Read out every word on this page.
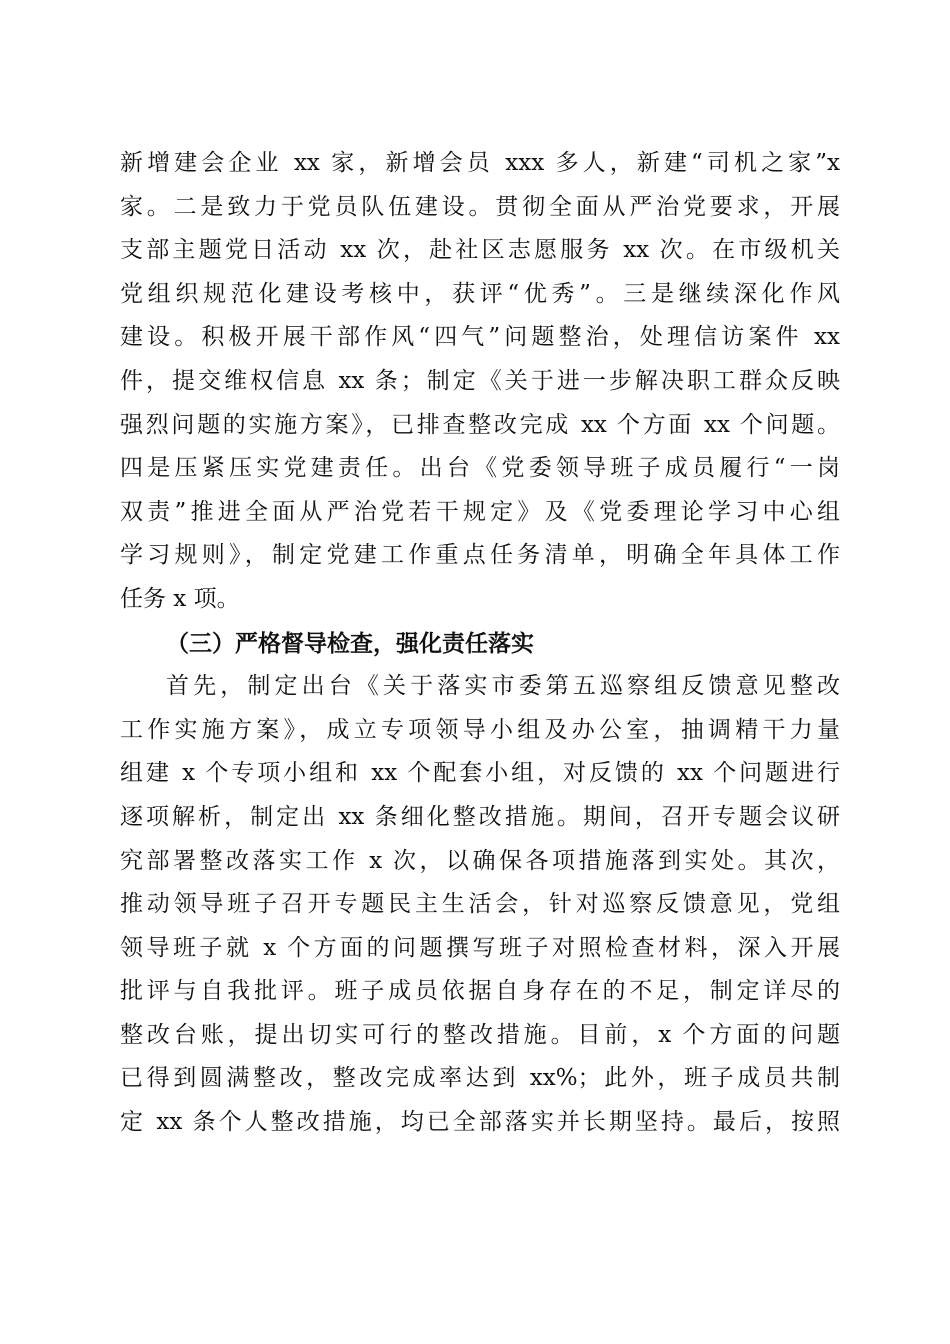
新增建会企业 xx 家，新增会员 xxx 多人，新建“司机之家”x
家。二是致力于党员队伍建设。贯彻全面从严治党要求，开展
支部主题党日活动 xx 次，赴社区志愿服务 xx 次。在市级机关
党组织规范化建设考核中，获评“优秀”。三是继续深化作风
建设。积极开展干部作风“四气”问题整治，处理信访案件 xx
件，提交维权信息 xx 条；制定《关于进一步解决职工群众反映
强烈问题的实施方案》，已排查整改完成 xx 个方面 xx 个问题。
四是压紧压实党建责任。出台《党委领导班子成员履行“一岗
双责”推进全面从严治党若干规定》及《党委理论学习中心组
学习规则》，制定党建工作重点任务清单，明确全年具体工作
任务 x 项。
（三）严格督导检查，强化责任落实
首先，制定出台《关于落实市委第五巡察组反馈意见整改
工作实施方案》，成立专项领导小组及办公室，抽调精干力量
组建 x 个专项小组和 xx 个配套小组，对反馈的 xx 个问题进行
逐项解析，制定出 xx 条细化整改措施。期间，召开专题会议研
究部署整改落实工作 x 次，以确保各项措施落到实处。其次，
推动领导班子召开专题民主生活会，针对巡察反馈意见，党组
领导班子就 x 个方面的问题撰写班子对照检查材料，深入开展
批评与自我批评。班子成员依据自身存在的不足，制定详尽的
整改台账，提出切实可行的整改措施。目前，x 个方面的问题
已得到圆满整改，整改完成率达到 xx%；此外，班子成员共制
定 xx 条个人整改措施，均已全部落实并长期坚持。最后，按照
